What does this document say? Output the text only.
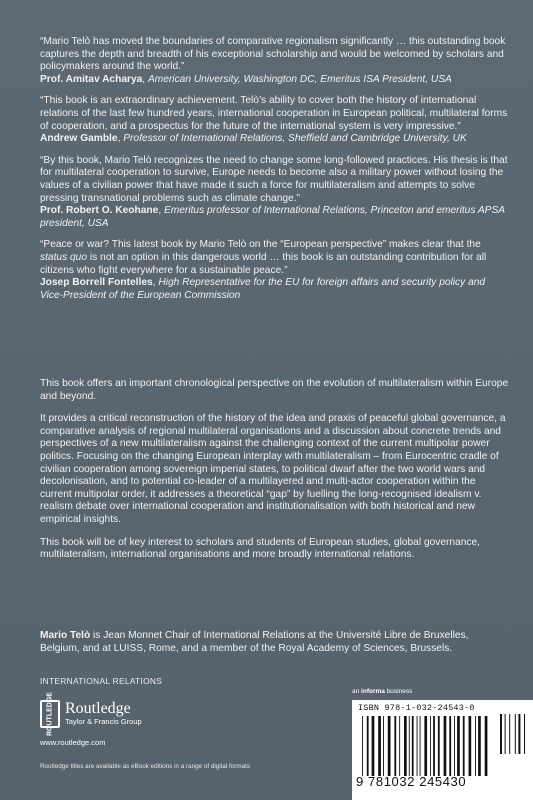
“Mario Telò has moved the boundaries of comparative regionalism significantly … this outstanding book captures the depth and breadth of his exceptional scholarship and would be welcomed by scholars and policymakers around the world.”

Prof. Amitav Acharya, American University, Washington DC, Emeritus ISA President, USA

“This book is an extraordinary achievement. Telò’s ability to cover both the history of international relations of the last few hundred years, international cooperation in European political, multilateral forms of cooperation, and a prospectus for the future of the international system is very impressive.”

Andrew Gamble, Professor of International Relations, Sheffield and Cambridge University, UK

“By this book, Mario Telò recognizes the need to change some long-followed practices. His thesis is that for multilateral cooperation to survive, Europe needs to become also a military power without losing the values of a civilian power that have made it such a force for multilateralism and attempts to solve pressing transnational problems such as climate change.”

Prof. Robert O. Keohane, Emeritus professor of International Relations, Princeton and emeritus APSA president, USA

“Peace or war? This latest book by Mario Telò on the “European perspective” makes clear that the status quo is not an option in this dangerous world … this book is an outstanding contribution for all citizens who fight everywhere for a sustainable peace.”

Josep Borrell Fontelles, High Representative for the EU for foreign affairs and security policy and Vice-President of the European Commission

This book offers an important chronological perspective on the evolution of multilateralism within Europe and beyond.

It provides a critical reconstruction of the history of the idea and praxis of peaceful global governance, a comparative analysis of regional multilateral organisations and a discussion about concrete trends and perspectives of a new multilateralism against the challenging context of the current multipolar power politics. Focusing on the changing European interplay with multilateralism – from Eurocentric cradle of civilian cooperation among sovereign imperial states, to political dwarf after the two world wars and decolonisation, and to potential co-leader of a multilayered and multi-actor cooperation within the current multipolar order, it addresses a theoretical “gap” by fuelling the long-recognised idealism v. realism debate over international cooperation and institutionalisation with both historical and new empirical insights.

This book will be of key interest to scholars and students of European studies, global governance, multilateralism, international organisations and more broadly international relations.

Mario Telò is Jean Monnet Chair of International Relations at the Université Libre de Bruxelles, Belgium, and at LUISS, Rome, and a member of the Royal Academy of Sciences, Brussels.
INTERNATIONAL RELATIONS
ROUTLEDGE Routledge
Taylor & Francis Group
www.routledge.com
Routledge titles are available as eBook editions in a range of digital formats
an informa business
ISBN 978-1-032-24543-0
9 781032 245430
